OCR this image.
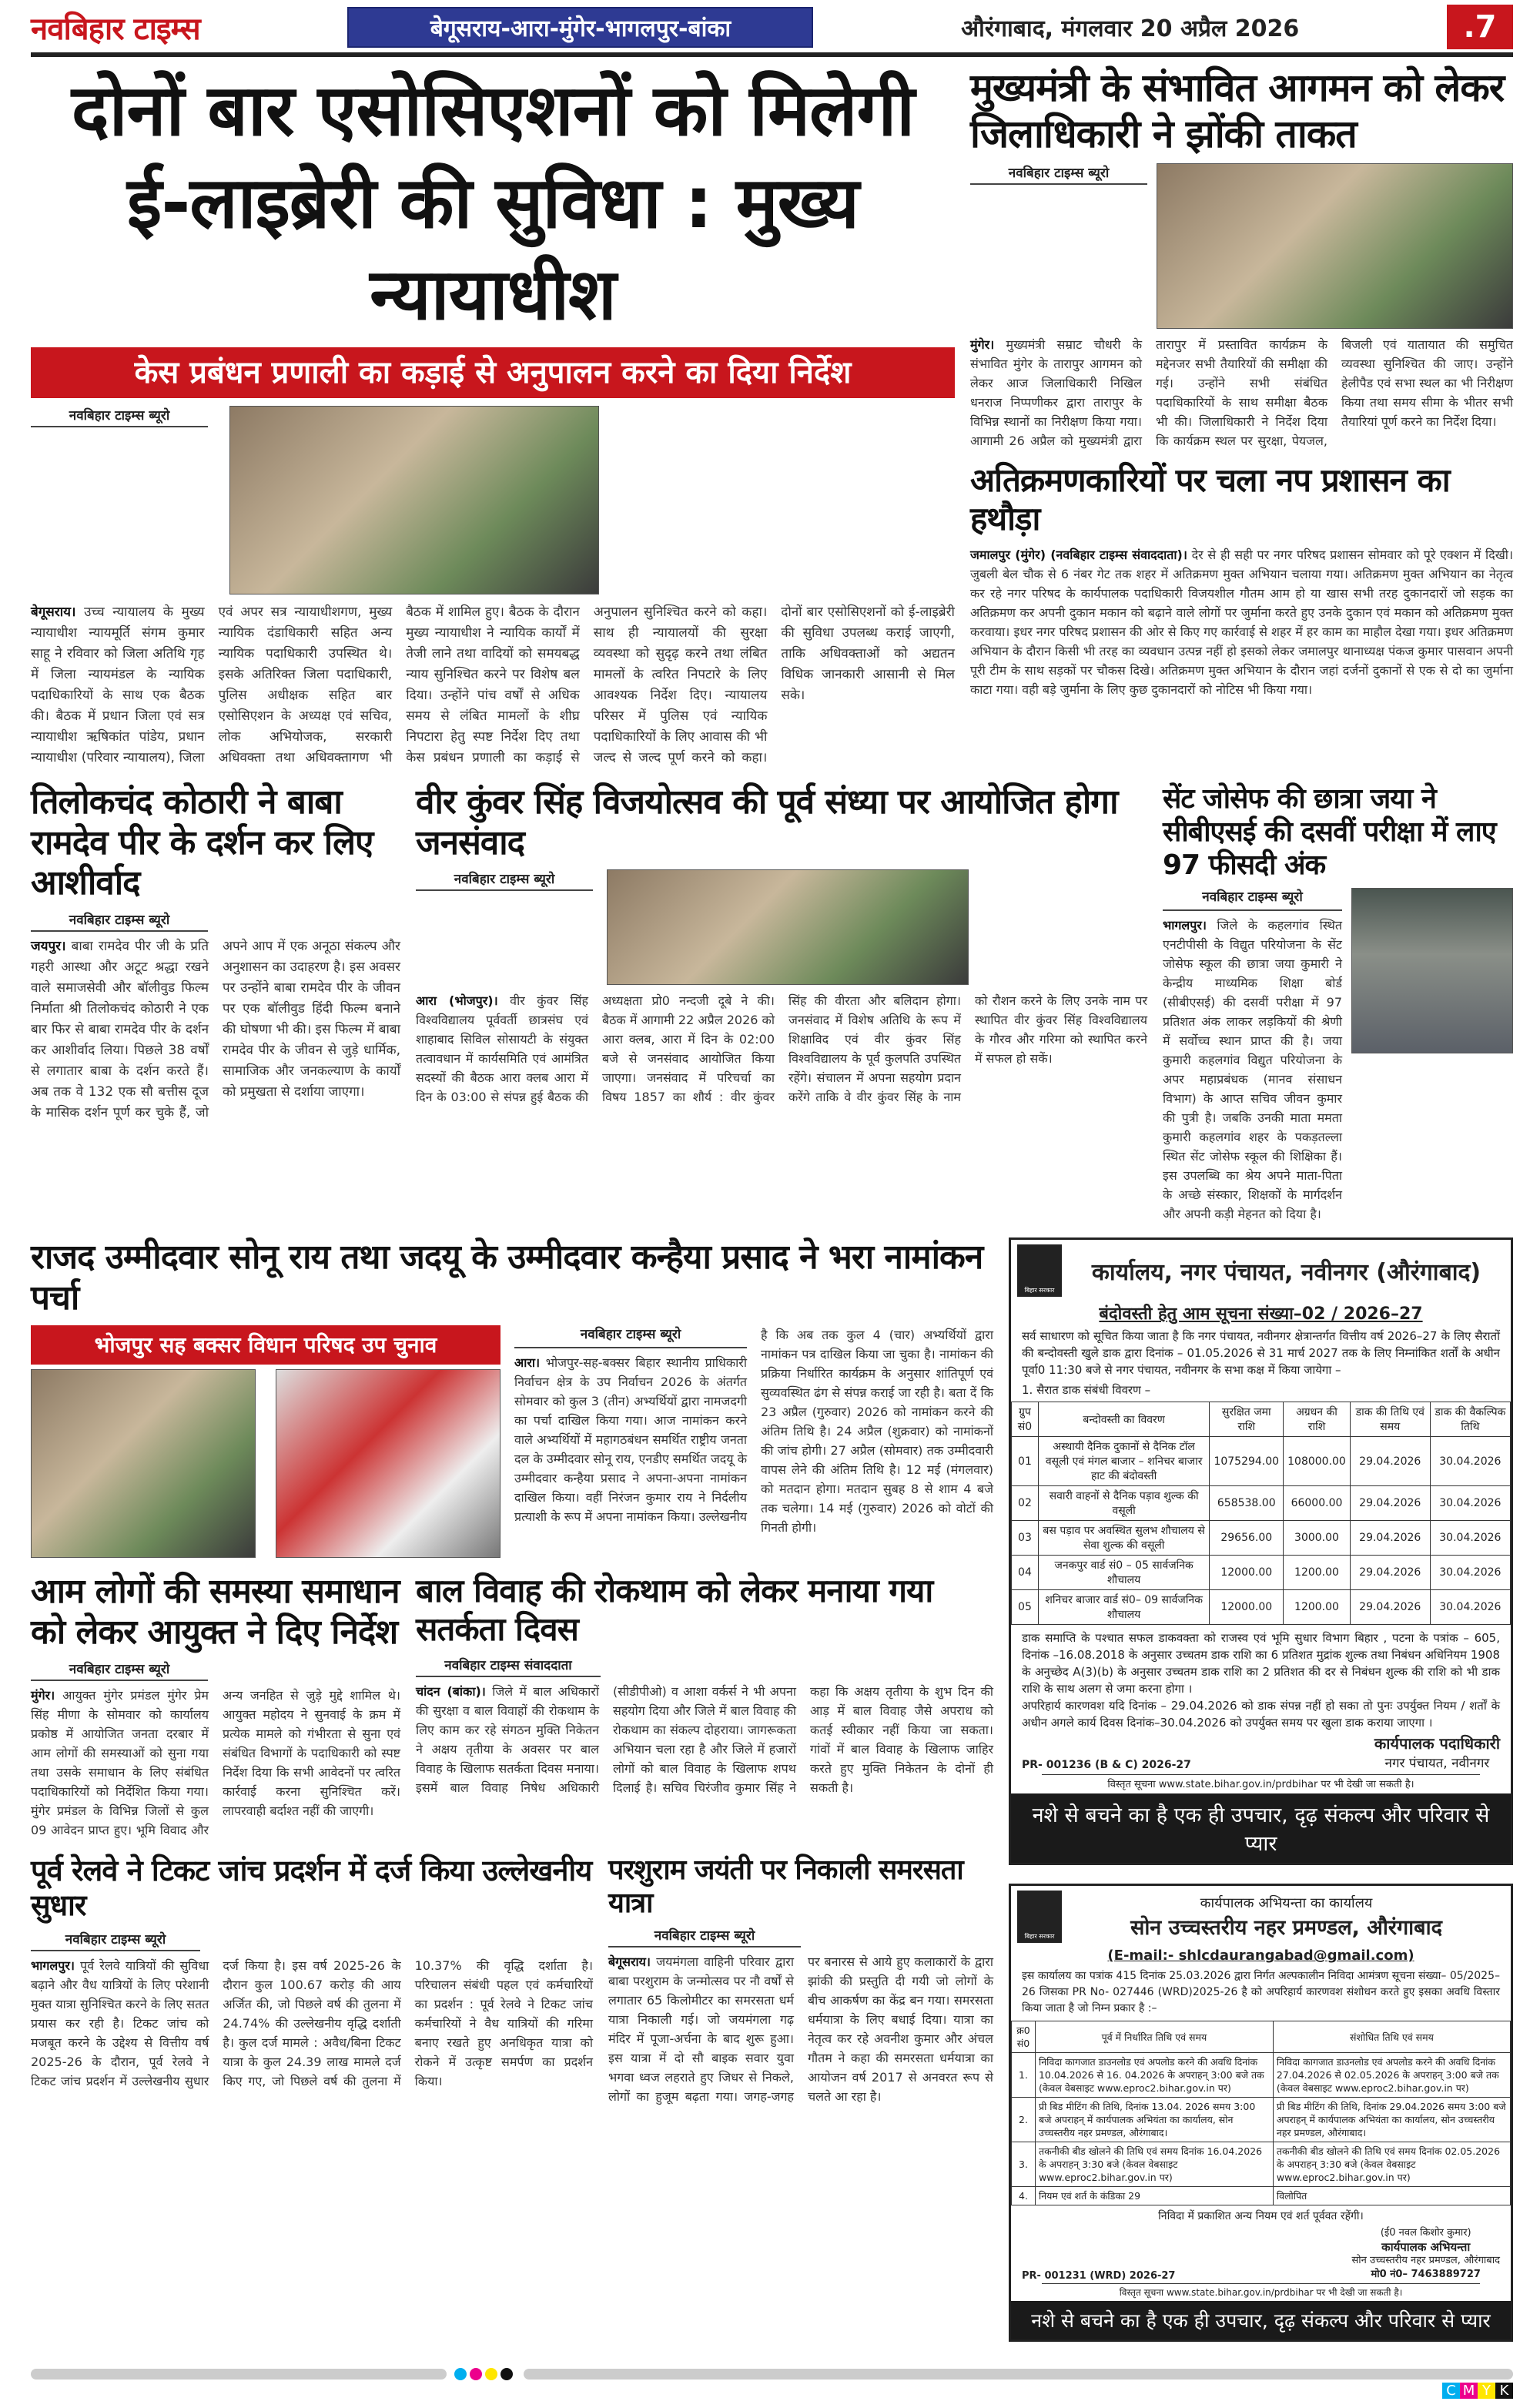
नवबिहार टाइम्स	बेगूसराय-आरा-मुंगेर-भागलपुर-बांका	औरंगाबाद, मंगलवार 20 अप्रैल 2026	.7
दोनों बार एसोसिएशनों को मिलेगी ई-लाइब्रेरी की सुविधा : मुख्य न्यायाधीश
केस प्रबंधन प्रणाली का कड़ाई से अनुपालन करने का दिया निर्देश
नवबिहार टाइम्स ब्यूरो
बेगूसराय। उच्च न्यायालय के मुख्य न्यायाधीश न्यायमूर्ति संगम कुमार साहू ने रविवार को जिला अतिथि गृह में जिला न्यायमंडल के न्यायिक पदाधिकारियों के साथ एक बैठक की। बैठक में प्रधान जिला एवं सत्र न्यायाधीश ऋषिकांत पांडेय, प्रधान न्यायाधीश (परिवार न्यायालय), जिला एवं अपर सत्र न्यायाधीशगण, मुख्य न्यायिक दंडाधिकारी सहित अन्य न्यायिक पदाधिकारी उपस्थित थे। इसके अतिरिक्त जिला पदाधिकारी, पुलिस अधीक्षक सहित बार एसोसिएशन के अध्यक्ष एवं सचिव, लोक अभियोजक, सरकारी अधिवक्ता तथा अधिवक्तागण भी बैठक में शामिल हुए। बैठक के दौरान मुख्य न्यायाधीश ने न्यायिक कार्यों में तेजी लाने तथा वादियों को समयबद्ध न्याय सुनिश्चित करने पर विशेष बल दिया। उन्होंने पांच वर्षों से अधिक समय से लंबित मामलों के शीघ्र निपटारा हेतु स्पष्ट निर्देश दिए तथा केस प्रबंधन प्रणाली का कड़ाई से अनुपालन सुनिश्चित करने को कहा। साथ ही न्यायालयों की सुरक्षा व्यवस्था को सुदृढ़ करने तथा लंबित मामलों के त्वरित निपटारे के लिए आवश्यक निर्देश दिए। न्यायालय परिसर में पुलिस एवं न्यायिक पदाधिकारियों के लिए आवास की भी जल्द से जल्द पूर्ण करने को कहा। दोनों बार एसोसिएशनों को ई-लाइब्रेरी की सुविधा उपलब्ध कराई जाएगी, ताकि अधिवक्ताओं को अद्यतन विधिक जानकारी आसानी से मिल सके।
मुख्यमंत्री के संभावित आगमन को लेकर जिलाधिकारी ने झोंकी ताकत
नवबिहार टाइम्स ब्यूरो
मुंगेर। मुख्यमंत्री सम्राट चौधरी के संभावित मुंगेर के तारापुर आगमन को लेकर आज जिलाधिकारी निखिल धनराज निप्पणीकर द्वारा तारापुर के विभिन्न स्थानों का निरीक्षण किया गया। आगामी 26 अप्रैल को मुख्यमंत्री द्वारा तारापुर में प्रस्तावित कार्यक्रम के मद्देनजर सभी तैयारियों की समीक्षा की गई। उन्होंने सभी संबंधित पदाधिकारियों के साथ समीक्षा बैठक भी की। जिलाधिकारी ने निर्देश दिया कि कार्यक्रम स्थल पर सुरक्षा, पेयजल, बिजली एवं यातायात की समुचित व्यवस्था सुनिश्चित की जाए। उन्होंने हेलीपैड एवं सभा स्थल का भी निरीक्षण किया तथा समय सीमा के भीतर सभी तैयारियां पूर्ण करने का निर्देश दिया।
अतिक्रमणकारियों पर चला नप प्रशासन का हथौड़ा
जमालपुर (मुंगेर) (नवबिहार टाइम्स संवाददाता)। देर से ही सही पर नगर परिषद प्रशासन सोमवार को पूरे एक्शन में दिखी। जुबली बेल चौक से 6 नंबर गेट तक शहर में अतिक्रमण मुक्त अभियान चलाया गया। अतिक्रमण मुक्त अभियान का नेतृत्व कर रहे नगर परिषद के कार्यपालक पदाधिकारी विजयशील गौतम आम हो या खास सभी तरह दुकानदारों जो सड़क का अतिक्रमण कर अपनी दुकान मकान को बढ़ाने वाले लोगों पर जुर्माना करते हुए उनके दुकान एवं मकान को अतिक्रमण मुक्त करवाया। इधर नगर परिषद प्रशासन की ओर से किए गए कार्रवाई से शहर में हर काम का माहौल देखा गया। इधर अतिक्रमण अभियान के दौरान किसी भी तरह का व्यवधान उत्पन्न नहीं हो इसको लेकर जमालपुर थानाध्यक्ष पंकज कुमार पासवान अपनी पूरी टीम के साथ सड़कों पर चौकस दिखे। अतिक्रमण मुक्त अभियान के दौरान जहां दर्जनों दुकानों से एक से दो का जुर्माना काटा गया। वही बड़े जुर्माना के लिए कुछ दुकानदारों को नोटिस भी किया गया।
तिलोकचंद कोठारी ने बाबा रामदेव पीर के दर्शन कर लिए आशीर्वाद
नवबिहार टाइम्स ब्यूरो
जयपुर। बाबा रामदेव पीर जी के प्रति गहरी आस्था और अटूट श्रद्धा रखने वाले समाजसेवी और बॉलीवुड फिल्म निर्माता श्री तिलोकचंद कोठारी ने एक बार फिर से बाबा रामदेव पीर के दर्शन कर आशीर्वाद लिया। पिछले 38 वर्षों से लगातार बाबा के दर्शन करते हैं। अब तक वे 132 एक सौ बत्तीस दूज के मासिक दर्शन पूर्ण कर चुके हैं, जो अपने आप में एक अनूठा संकल्प और अनुशासन का उदाहरण है। इस अवसर पर उन्होंने बाबा रामदेव पीर के जीवन पर एक बॉलीवुड हिंदी फिल्म बनाने की घोषणा भी की। इस फिल्म में बाबा रामदेव पीर के जीवन से जुड़े धार्मिक, सामाजिक और जनकल्याण के कार्यों को प्रमुखता से दर्शाया जाएगा।
वीर कुंवर सिंह विजयोत्सव की पूर्व संध्या पर आयोजित होगा जनसंवाद
नवबिहार टाइम्स ब्यूरो
आरा (भोजपुर)। वीर कुंवर सिंह विश्वविद्यालय पूर्ववर्ती छात्रसंघ एवं शाहाबाद सिविल सोसायटी के संयुक्त तत्वावधान में कार्यसमिति एवं आमंत्रित सदस्यों की बैठक आरा क्लब आरा में दिन के 03:00 से संपन्न हुई बैठक की अध्यक्षता प्रो0 नन्दजी दूबे ने की। बैठक में आगामी 22 अप्रैल 2026 को आरा क्लब, आरा में दिन के 02:00 बजे से जनसंवाद आयोजित किया जाएगा। जनसंवाद में परिचर्चा का विषय 1857 का शौर्य : वीर कुंवर सिंह की वीरता और बलिदान होगा। जनसंवाद में विशेष अतिथि के रूप में शिक्षाविद एवं वीर कुंवर सिंह विश्वविद्यालय के पूर्व कुलपति उपस्थित रहेंगे। संचालन में अपना सहयोग प्रदान करेंगे ताकि वे वीर कुंवर सिंह के नाम को रौशन करने के लिए उनके नाम पर स्थापित वीर कुंवर सिंह विश्वविद्यालय के गौरव और गरिमा को स्थापित करने में सफल हो सकें।
सेंट जोसेफ की छात्रा जया ने सीबीएसई की दसवीं परीक्षा में लाए 97 फीसदी अंक
नवबिहार टाइम्स ब्यूरो
भागलपुर। जिले के कहलगांव स्थित एनटीपीसी के विद्युत परियोजना के सेंट जोसेफ स्कूल की छात्रा जया कुमारी ने केन्द्रीय माध्यमिक शिक्षा बोर्ड (सीबीएसई) की दसवीं परीक्षा में 97 प्रतिशत अंक लाकर लड़कियों की श्रेणी में सर्वोच्च स्थान प्राप्त की है। जया कुमारी कहलगांव विद्युत परियोजना के अपर महाप्रबंधक (मानव संसाधन विभाग) के आप्त सचिव जीवन कुमार की पुत्री है। जबकि उनकी माता ममता कुमारी कहलगांव शहर के पकड़तल्ला स्थित सेंट जोसेफ स्कूल की शिक्षिका हैं। इस उपलब्धि का श्रेय अपने माता-पिता के अच्छे संस्कार, शिक्षकों के मार्गदर्शन और अपनी कड़ी मेहनत को दिया है।
राजद उम्मीदवार सोनू राय तथा जदयू के उम्मीदवार कन्हैया प्रसाद ने भरा नामांकन पर्चा
भोजपुर सह बक्सर विधान परिषद उप चुनाव	नवबिहार टाइम्स ब्यूरो
आरा। भोजपुर-सह-बक्सर बिहार स्थानीय प्राधिकारी निर्वाचन क्षेत्र के उप निर्वाचन 2026 के अंतर्गत सोमवार को कुल 3 (तीन) अभ्यर्थियों द्वारा नामजदगी का पर्चा दाखिल किया गया। आज नामांकन करने वाले अभ्यर्थियों में महागठबंधन समर्थित राष्ट्रीय जनता दल के उम्मीदवार सोनू राय, एनडीए समर्थित जदयू के उम्मीदवार कन्हैया प्रसाद ने अपना-अपना नामांकन दाखिल किया। वहीं निरंजन कुमार राय ने निर्दलीय प्रत्याशी के रूप में अपना नामांकन किया। उल्लेखनीय है कि अब तक कुल 4 (चार) अभ्यर्थियों द्वारा नामांकन पत्र दाखिल किया जा चुका है। नामांकन की प्रक्रिया निर्धारित कार्यक्रम के अनुसार शांतिपूर्ण एवं सुव्यवस्थित ढंग से संपन्न कराई जा रही है। बता दें कि 23 अप्रैल (गुरुवार) 2026 को नामांकन करने की अंतिम तिथि है। 24 अप्रैल (शुक्रवार) को नामांकनों की जांच होगी। 27 अप्रैल (सोमवार) तक उम्मीदवारी वापस लेने की अंतिम तिथि है। 12 मई (मंगलवार) को मतदान होगा। मतदान सुबह 8 से शाम 4 बजे तक चलेगा। 14 मई (गुरुवार) 2026 को वोटों की गिनती होगी।
आम लोगों की समस्या समाधान को लेकर आयुक्त ने दिए निर्देश
नवबिहार टाइम्स ब्यूरो
मुंगेर। आयुक्त मुंगेर प्रमंडल मुंगेर प्रेम सिंह मीणा के सोमवार को कार्यालय प्रकोष्ठ में आयोजित जनता दरबार में आम लोगों की समस्याओं को सुना गया तथा उसके समाधान के लिए संबंधित पदाधिकारियों को निर्देशित किया गया। मुंगेर प्रमंडल के विभिन्न जिलों से कुल 09 आवेदन प्राप्त हुए। भूमि विवाद और अन्य जनहित से जुड़े मुद्दे शामिल थे। आयुक्त महोदय ने सुनवाई के क्रम में प्रत्येक मामले को गंभीरता से सुना एवं संबंधित विभागों के पदाधिकारी को स्पष्ट निर्देश दिया कि सभी आवेदनों पर त्वरित कार्रवाई करना सुनिश्चित करें। लापरवाही बर्दाश्त नहीं की जाएगी।
बाल विवाह की रोकथाम को लेकर मनाया गया सतर्कता दिवस
नवबिहार टाइम्स संवाददाता
चांदन (बांका)। जिले में बाल अधिकारों की सुरक्षा व बाल विवाहों की रोकथाम के लिए काम कर रहे संगठन मुक्ति निकेतन ने अक्षय तृतीया के अवसर पर बाल विवाह के खिलाफ सतर्कता दिवस मनाया। इसमें बाल विवाह निषेध अधिकारी (सीडीपीओ) व आशा वर्कर्स ने भी अपना सहयोग दिया और जिले में बाल विवाह की रोकथाम का संकल्प दोहराया। जागरूकता अभियान चला रहा है और जिले में हजारों लोगों को बाल विवाह के खिलाफ शपथ दिलाई है। सचिव चिरंजीव कुमार सिंह ने कहा कि अक्षय तृतीया के शुभ दिन की आड़ में बाल विवाह जैसे अपराध को कतई स्वीकार नहीं किया जा सकता। गांवों में बाल विवाह के खिलाफ जाहिर करते हुए मुक्ति निकेतन के दोनों ही सकती है।
पूर्व रेलवे ने टिकट जांच प्रदर्शन में दर्ज किया उल्लेखनीय सुधार
नवबिहार टाइम्स ब्यूरो
भागलपुर। पूर्व रेलवे यात्रियों की सुविधा बढ़ाने और वैध यात्रियों के लिए परेशानी मुक्त यात्रा सुनिश्चित करने के लिए सतत प्रयास कर रही है। टिकट जांच को मजबूत करने के उद्देश्य से वित्तीय वर्ष 2025-26 के दौरान, पूर्व रेलवे ने टिकट जांच प्रदर्शन में उल्लेखनीय सुधार दर्ज किया है। इस वर्ष 2025-26 के दौरान कुल 100.67 करोड़ की आय अर्जित की, जो पिछले वर्ष की तुलना में 24.74% की उल्लेखनीय वृद्धि दर्शाती है। कुल दर्ज मामले : अवैध/बिना टिकट यात्रा के कुल 24.39 लाख मामले दर्ज किए गए, जो पिछले वर्ष की तुलना में 10.37% की वृद्धि दर्शाता है। परिचालन संबंधी पहल एवं कर्मचारियों का प्रदर्शन : पूर्व रेलवे ने टिकट जांच कर्मचारियों ने वैध यात्रियों की गरिमा बनाए रखते हुए अनधिकृत यात्रा को रोकने में उत्कृष्ट समर्पण का प्रदर्शन किया।
परशुराम जयंती पर निकाली समरसता यात्रा
नवबिहार टाइम्स ब्यूरो
बेगूसराय। जयमंगला वाहिनी परिवार द्वारा बाबा परशुराम के जन्मोत्सव पर नौ वर्षों से लगातार 65 किलोमीटर का समरसता धर्म यात्रा निकाली गई। जो जयमंगला गढ़ मंदिर में पूजा-अर्चना के बाद शुरू हुआ। इस यात्रा में दो सौ बाइक सवार युवा भगवा ध्वज लहराते हुए जिधर से निकले, लोगों का हुजूम बढ़ता गया। जगह-जगह पर बनारस से आये हुए कलाकारों के द्वारा झांकी की प्रस्तुति दी गयी जो लोगों के बीच आकर्षण का केंद्र बन गया। समरसता धर्मयात्रा के लिए बधाई दिया। यात्रा का नेतृत्व कर रहे अवनीश कुमार और अंचल गौतम ने कहा की समरसता धर्मयात्रा का आयोजन वर्ष 2017 से अनवरत रूप से चलते आ रहा है।
बिहार सरकार
कार्यालय, नगर पंचायत, नवीनगर (औरंगाबाद)
बंदोवस्ती हेतु आम सूचना संख्या–02 / 2026–27
सर्व साधारण को सूचित किया जाता है कि नगर पंचायत, नवीनगर क्षेत्रान्तर्गत वित्तीय वर्ष 2026–27 के लिए सैरातों की बन्दोवस्ती खुले डाक द्वारा दिनांक – 01.05.2026 से 31 मार्च 2027 तक के लिए निम्नांकित शर्तों के अधीन पूर्वा0 11:30 बजे से नगर पंचायत, नवीनगर के सभा कक्ष में किया जायेगा –
1. सैरात डाक संबंधी विवरण –
ग्रुप सं0	बन्दोवस्ती का विवरण	सुरक्षित जमा राशि	अग्रधन की राशि	डाक की तिथि एवं समय	डाक की वैकल्पिक तिथि
01	अस्थायी दैनिक दुकानों से दैनिक टॉल वसूली एवं मंगल बाजार – शनिचर बाजार हाट की बंदोवस्ती	1075294.00	108000.00	29.04.2026	30.04.2026
02	सवारी वाहनों से दैनिक पड़ाव शुल्क की वसूली	658538.00	66000.00	29.04.2026	30.04.2026
03	बस पड़ाव पर अवस्थित सुलभ शौचालय से सेवा शुल्क की वसूली	29656.00	3000.00	29.04.2026	30.04.2026
04	जनकपुर वार्ड सं0 – 05 सार्वजनिक शौचालय	12000.00	1200.00	29.04.2026	30.04.2026
05	शनिचर बाजार वार्ड सं0– 09 सार्वजनिक शौचालय	12000.00	1200.00	29.04.2026	30.04.2026
डाक समाप्ति के पश्चात सफल डाकवक्ता को राजस्व एवं भूमि सुधार विभाग बिहार , पटना के पत्रांक – 605, दिनांक –16.08.2018 के अनुसार उच्चतम डाक राशि का 6 प्रतिशत मुद्रांक शुल्क तथा निबंधन अधिनियम 1908 के अनुच्छेद A(3)(b) के अनुसार उच्चतम डाक राशि का 2 प्रतिशत की दर से निबंधन शुल्क की राशि को भी डाक राशि के साथ अलग से जमा करना होगा ।
अपरिहार्य कारणवश यदि दिनांक – 29.04.2026 को डाक संपन्न नहीं हो सका तो पुनः उपर्युक्त नियम / शर्तों के अधीन अगले कार्य दिवस दिनांक–30.04.2026 को उपर्युक्त समय पर खुला डाक कराया जाएगा ।
PR- 001236 (B & C) 2026-27
कार्यपालक पदाधिकारी
नगर पंचायत, नवीनगर
विस्तृत सूचना www.state.bihar.gov.in/prdbihar पर भी देखी जा सकती है।
नशे से बचने का है एक ही उपचार, दृढ़ संकल्प और परिवार से प्यार
बिहार सरकार
कार्यपालक अभियन्ता का कार्यालय
सोन उच्चस्तरीय नहर प्रमण्डल, औरंगाबाद
(E-mail:- shlcdaurangabad@gmail.com)
इस कार्यालय का पत्रांक 415 दिनांक 25.03.2026 द्वारा निर्गत अल्पकालीन निविदा आमंत्रण सूचना संख्या– 05/2025–26 जिसका PR No- 027446 (WRD)2025-26 है को अपरिहार्य कारणवश संशोधन करते हुए इसका अवधि विस्तार किया जाता है जो निम्न प्रकार है :–
क्र0 सं0	पूर्व में निर्धारित तिथि एवं समय	संशोधित तिथि एवं समय
1.	निविदा कागजात डाउनलोड एवं अपलोड करने की अवधि दिनांक 10.04.2026 से 16. 04.2026 के अपराहन् 3:00 बजे तक (केवल वेबसाइट www.eproc2.bihar.gov.in पर)	निविदा कागजात डाउनलोड एवं अपलोड करने की अवधि दिनांक 27.04.2026 से 02.05.2026 के अपराहन् 3:00 बजे तक (केवल वेबसाइट www.eproc2.bihar.gov.in पर)
2.	प्री बिड मीटिंग की तिथि, दिनांक 13.04. 2026 समय 3:00 बजे अपराहन् में कार्यपालक अभियंता का कार्यालय, सोन उच्चस्तरीय नहर प्रमण्डल, औरंगाबाद।	प्री बिड मीटिंग की तिथि, दिनांक 29.04.2026 समय 3:00 बजे अपराहन् में कार्यपालक अभियंता का कार्यालय, सोन उच्चस्तरीय नहर प्रमण्डल, औरंगाबाद।
3.	तकनीकी बीड खोलने की तिथि एवं समय दिनांक 16.04.2026 के अपराहन् 3:30 बजे (केवल वेबसाइट www.eproc2.bihar.gov.in पर)	तकनीकी बीड खोलने की तिथि एवं समय दिनांक 02.05.2026 के अपराहन् 3:30 बजे (केवल वेबसाइट www.eproc2.bihar.gov.in पर)
4.	नियम एवं शर्त के कंडिका 29	विलोपित
निविदा में प्रकाशित अन्य नियम एवं शर्त पूर्ववत रहेंगी।
PR- 001231 (WRD) 2026-27
(ई0 नवल किशोर कुमार)
कार्यपालक अभियन्ता
सोन उच्चस्तरीय नहर प्रमण्डल, औरंगाबाद
मो0 नं0– 7463889727
विस्तृत सूचना www.state.bihar.gov.in/prdbihar पर भी देखी जा सकती है।
नशे से बचने का है एक ही उपचार, दृढ़ संकल्प और परिवार से प्यार
C M Y K
